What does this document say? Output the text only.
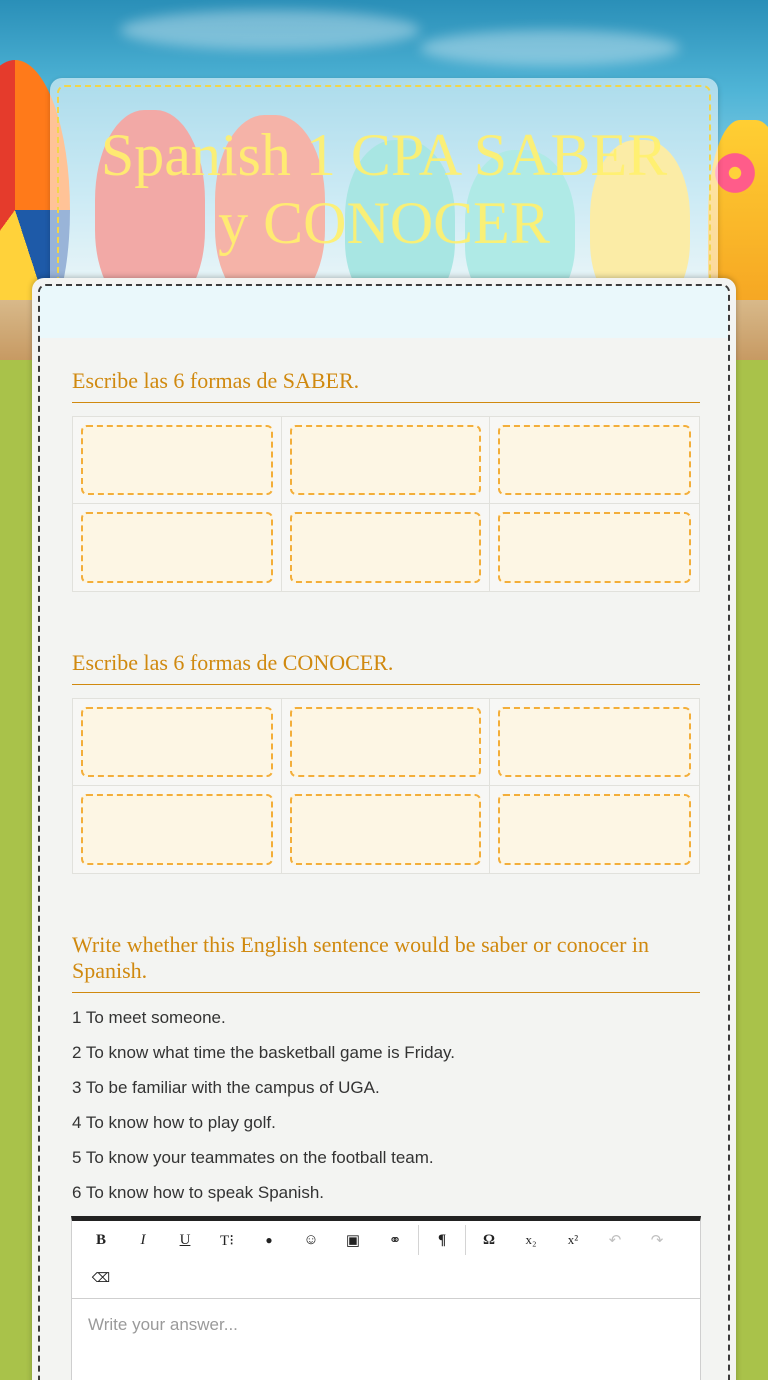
Spanish 1 CPA SABER y CONOCER
Escribe las 6 formas de SABER.
Escribe las 6 formas de CONOCER.
Write whether this English sentence would be saber or conocer in Spanish.
1 To meet someone.
2 To know what time the basketball game is Friday.
3 To be familiar with the campus of UGA.
4 To know how to play golf.
5 To know your teammates on the football team.
6 To know how to speak Spanish.
B	I	U	T⁝	●	☺	▣	⚭	¶	Ω	x₂	x²	↶	↷
⌫
Write your answer...
